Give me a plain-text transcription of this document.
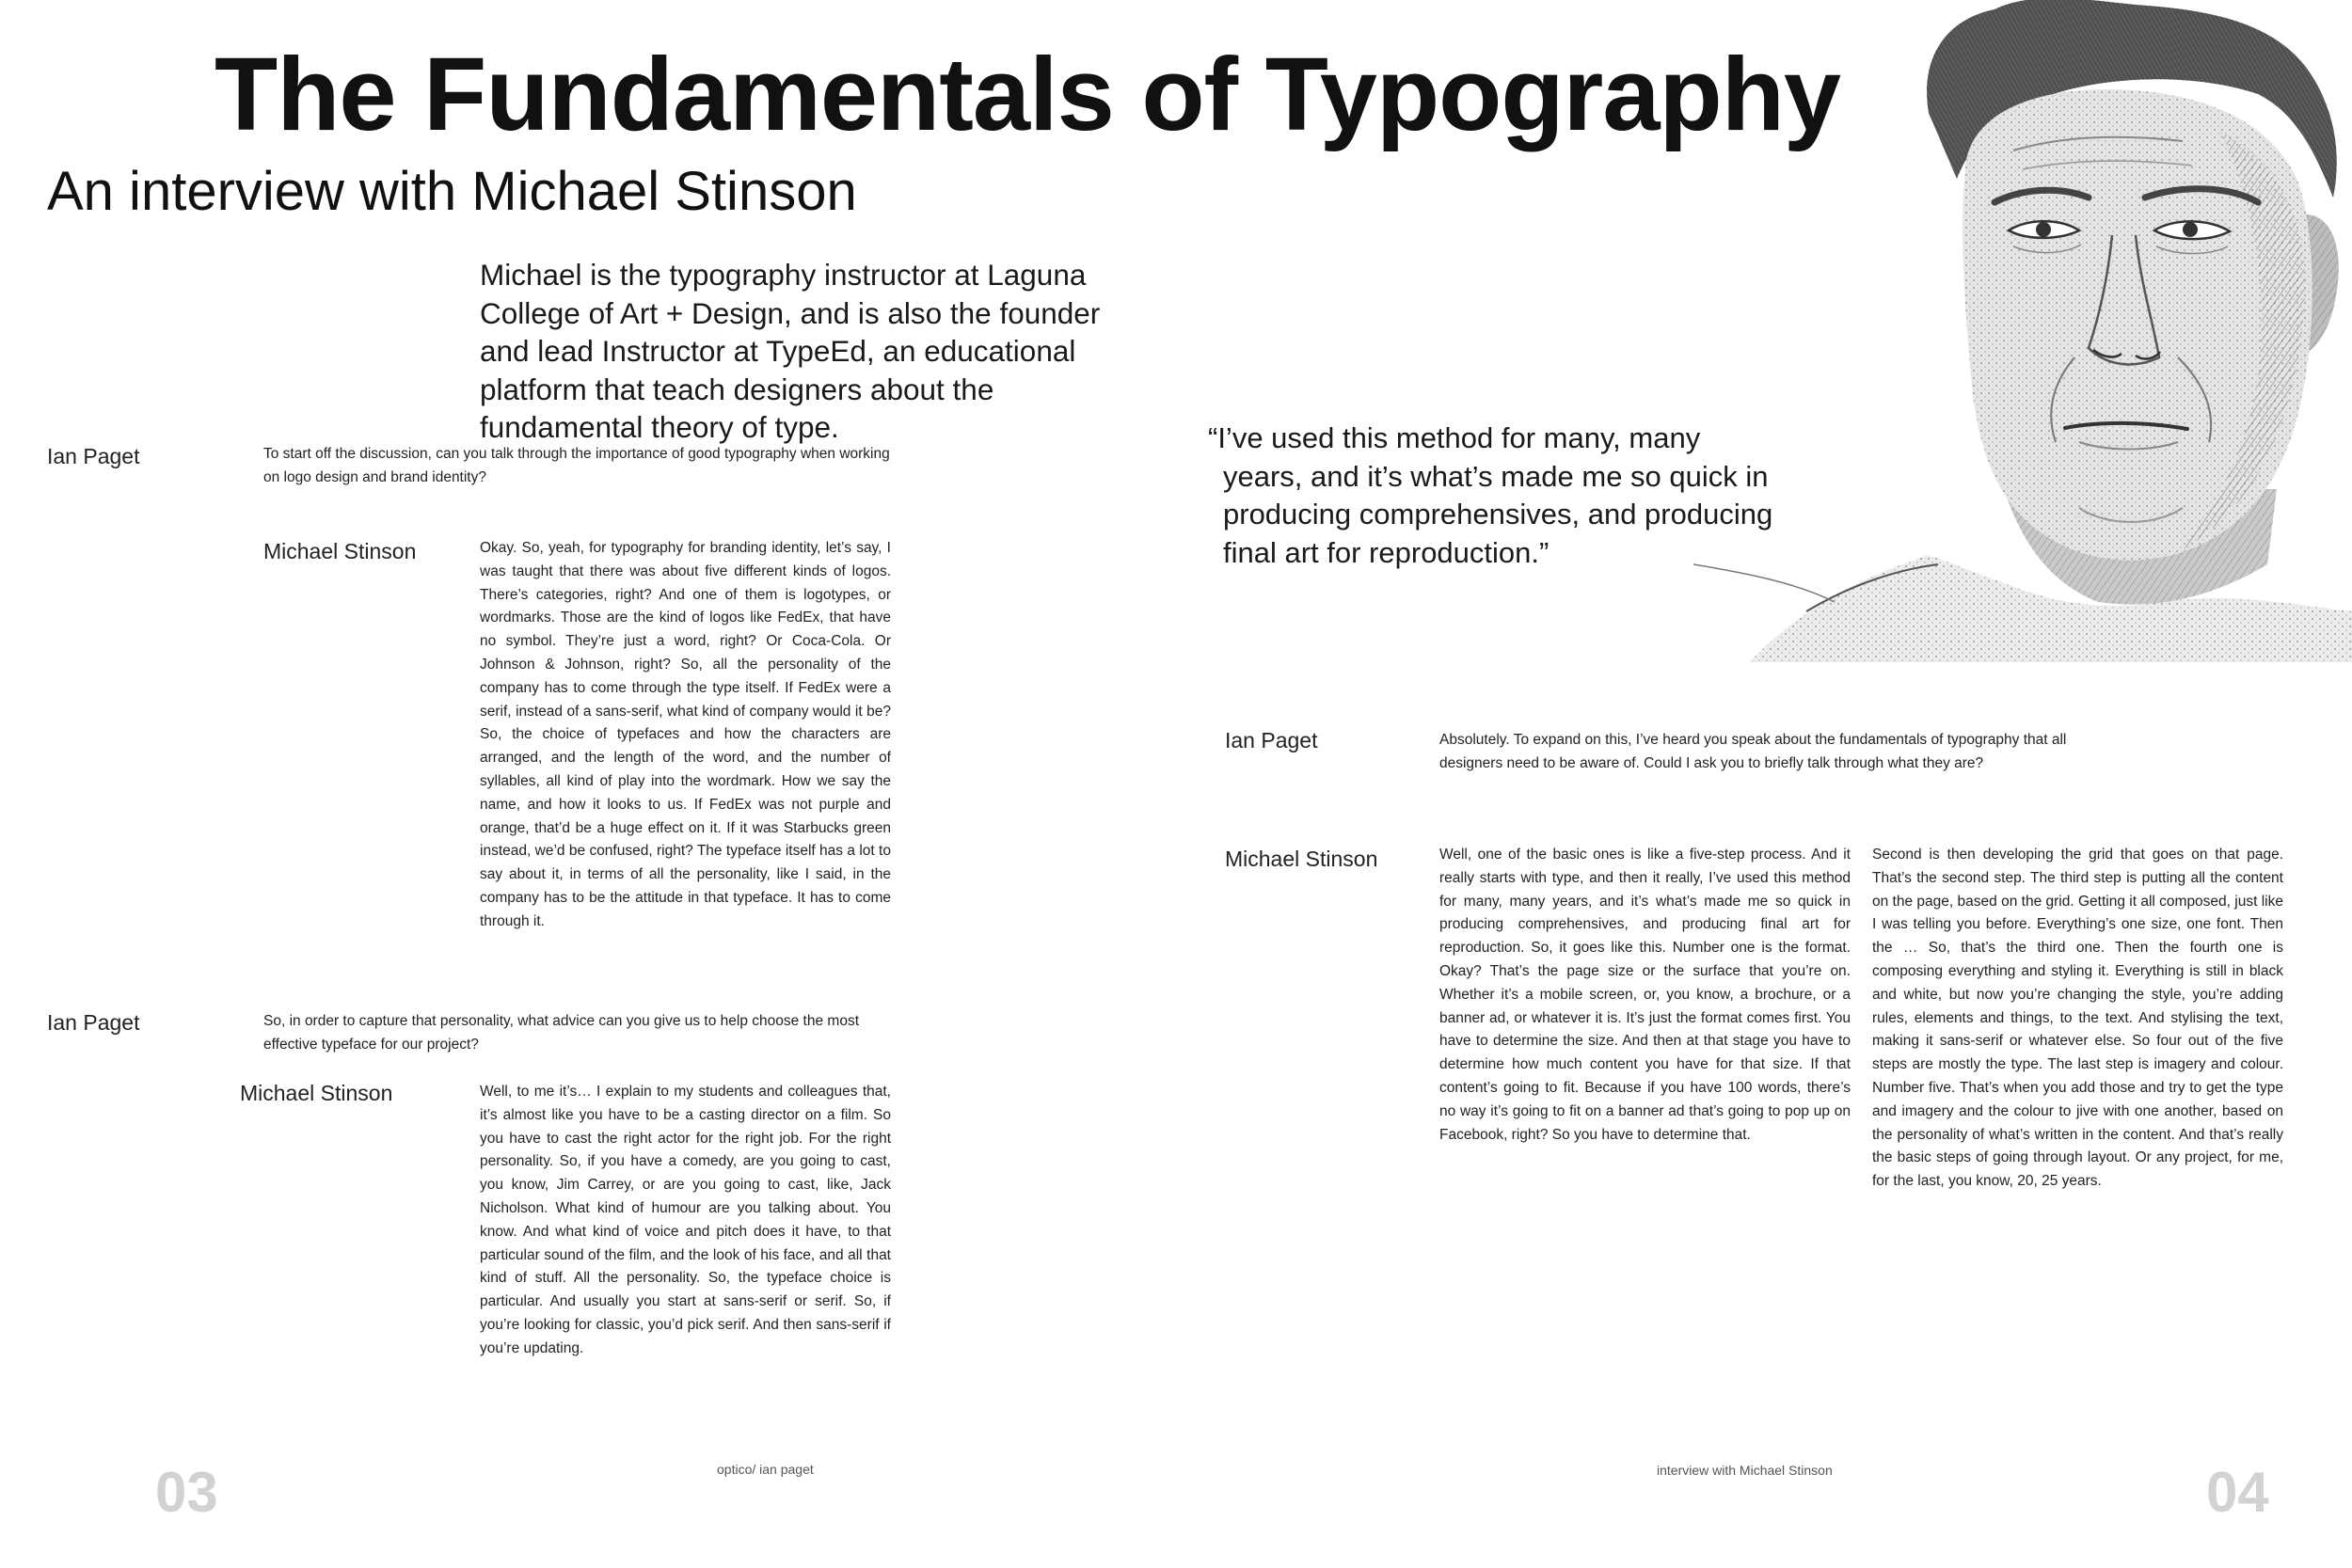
The Fundamentals of Typography
An interview with Michael Stinson

Michael is the typography instructor at Laguna College of Art + Design, and is also the founder and lead Instructor at TypeEd, an educational platform that teach designers about the fundamental theory of type.

Ian Paget	To start off the discussion, can you talk through the importance of good typography when working on logo design and brand identity?

Michael Stinson	Okay. So, yeah, for typography for branding identity, let’s say, I was taught that there was about five different kinds of logos. There’s categories, right? And one of them is logotypes, or wordmarks. Those are the kind of logos like FedEx, that have no symbol. They’re just a word, right? Or Coca-Cola. Or Johnson & Johnson, right? So, all the personality of the company has to come through the type itself. If FedEx were a serif, instead of a sans-serif, what kind of company would it be? So, the choice of typefaces and how the characters are arranged, and the length of the word, and the number of syllables, all kind of play into the wordmark. How we say the name, and how it looks to us. If FedEx was not purple and orange, that’d be a huge effect on it. If it was Starbucks green instead, we’d be confused, right? The typeface itself has a lot to say about it, in terms of all the personality, like I said, in the company has to be the attitude in that typeface. It has to come through it.

Ian Paget	So, in order to capture that personality, what advice can you give us to help choose the most effective typeface for our project?

Michael Stinson	Well, to me it’s… I explain to my students and colleagues that, it’s almost like you have to be a casting director on a film. So you have to cast the right actor for the right job. For the right personality. So, if you have a comedy, are you going to cast, you know, Jim Carrey, or are you going to cast, like, Jack Nicholson. What kind of humour are you talking about. You know. And what kind of voice and pitch does it have, to that particular sound of the film, and the look of his face, and all that kind of stuff. All the personality. So, the typeface choice is particular. And usually you start at sans-serif or serif. So, if you’re looking for classic, you’d pick serif. And then sans-serif if you’re updating.

03	optico/ ian paget

“I’ve used this method for many, many

years, and it’s what’s made me so quick in

producing comprehensives, and producing

final art for reproduction.”

Ian Paget	Absolutely. To expand on this, I’ve heard you speak about the fundamentals of typography that all designers need to be aware of. Could I ask you to briefly talk through what they are?

Michael Stinson	Well, one of the basic ones is like a five-step process. And it really starts with type, and then it really, I’ve used this method for many, many years, and it’s what’s made me so quick in producing comprehensives, and producing final art for reproduction. So, it goes like this. Number one is the format. Okay? That’s the page size or the surface that you’re on. Whether it’s a mobile screen, or, you know, a brochure, or a banner ad, or whatever it is. It’s just the format comes first. You have to determine the size. And then at that stage you have to determine how much content you have for that size. If that content’s going to fit. Because if you have 100 words, there’s no way it’s going to fit on a banner ad that’s going to pop up on Facebook, right? So you have to determine that.

Second is then developing the grid that goes on that page. That’s the second step. The third step is putting all the content on the page, based on the grid. Getting it all composed, just like I was telling you before. Everything’s one size, one font. Then the … So, that’s the third one. Then the fourth one is composing everything and styling it. Everything is still in black and white, but now you’re changing the style, you’re adding rules, elements and things, to the text. And stylising the text, making it sans-serif or whatever else. So four out of the five steps are mostly the type. The last step is imagery and colour. Number five. That’s when you add those and try to get the type and imagery and the colour to jive with one another, based on the personality of what’s written in the content. And that’s really the basic steps of going through layout. Or any project, for me, for the last, you know, 20, 25 years.

interview with Michael Stinson	04
